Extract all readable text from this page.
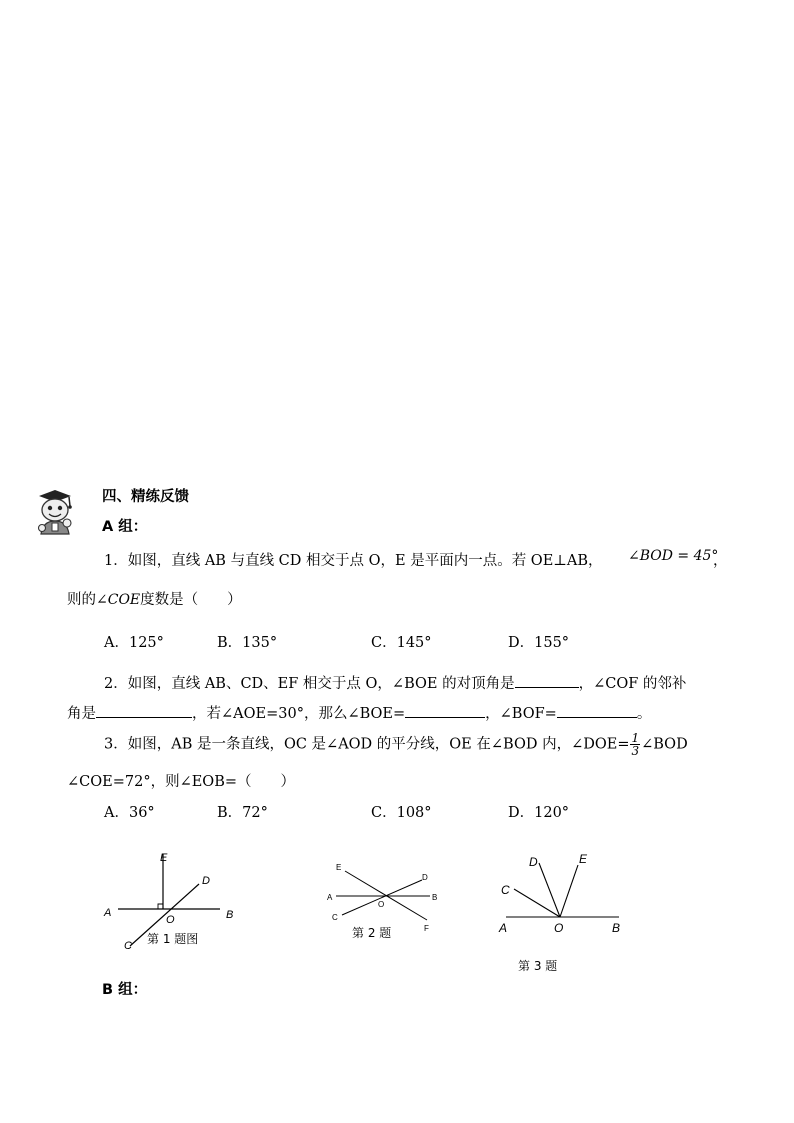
四、精练反馈
A 组：
1．如图，直线 AB 与直线 CD 相交于点 O，E 是平面内一点。若 OE⊥AB， ∠BOD = 45°
，
则的∠COE度数是（　　）
A．125°	B．135°	C．145°	D．155°
2．如图，直线 AB、CD、EF 相交于点 O，∠BOE 的对顶角是	，∠COF 的邻补
角是	，若∠AOE=30°，那么∠BOE=	，∠BOF=	。
3．如图，AB 是一条直线，OC 是∠AOD 的平分线，OE 在∠BOD 内，∠DOE= $\frac{1}{3}$ ∠BOD
∠COE=72°，则∠EOB=（　　）
A．36°	B．72°	C．108°	D．120°
E
D
A
O	B
C 第 1 题图
E
D
A
O
B
C
F
第 2 题
D	E
C
A	O	B
第 3 题
B 组：
